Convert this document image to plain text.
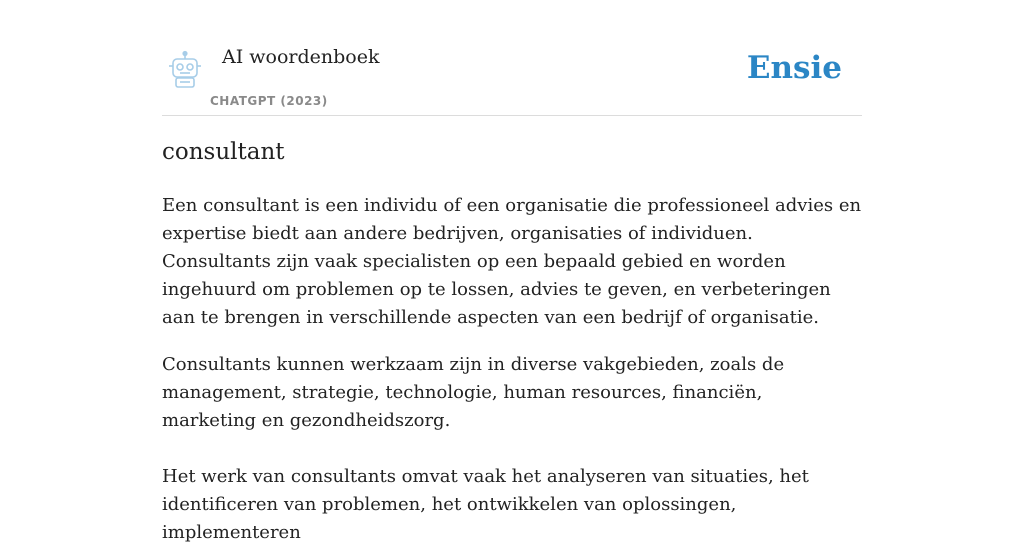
AI woordenboek
CHATGPT (2023)
Ensie
consultant

Een consultant is een individu of een organisatie die professioneel advies en expertise biedt aan andere bedrijven, organisaties of individuen. Consultants zijn vaak specialisten op een bepaald gebied en worden ingehuurd om problemen op te lossen, advies te geven, en verbeteringen aan te brengen in verschillende aspecten van een bedrijf of organisatie.

Consultants kunnen werkzaam zijn in diverse vakgebieden, zoals de management, strategie, technologie, human resources, financiën, marketing en gezondheidszorg.

Het werk van consultants omvat vaak het analyseren van situaties, het identificeren van problemen, het ontwikkelen van oplossingen, implementeren
